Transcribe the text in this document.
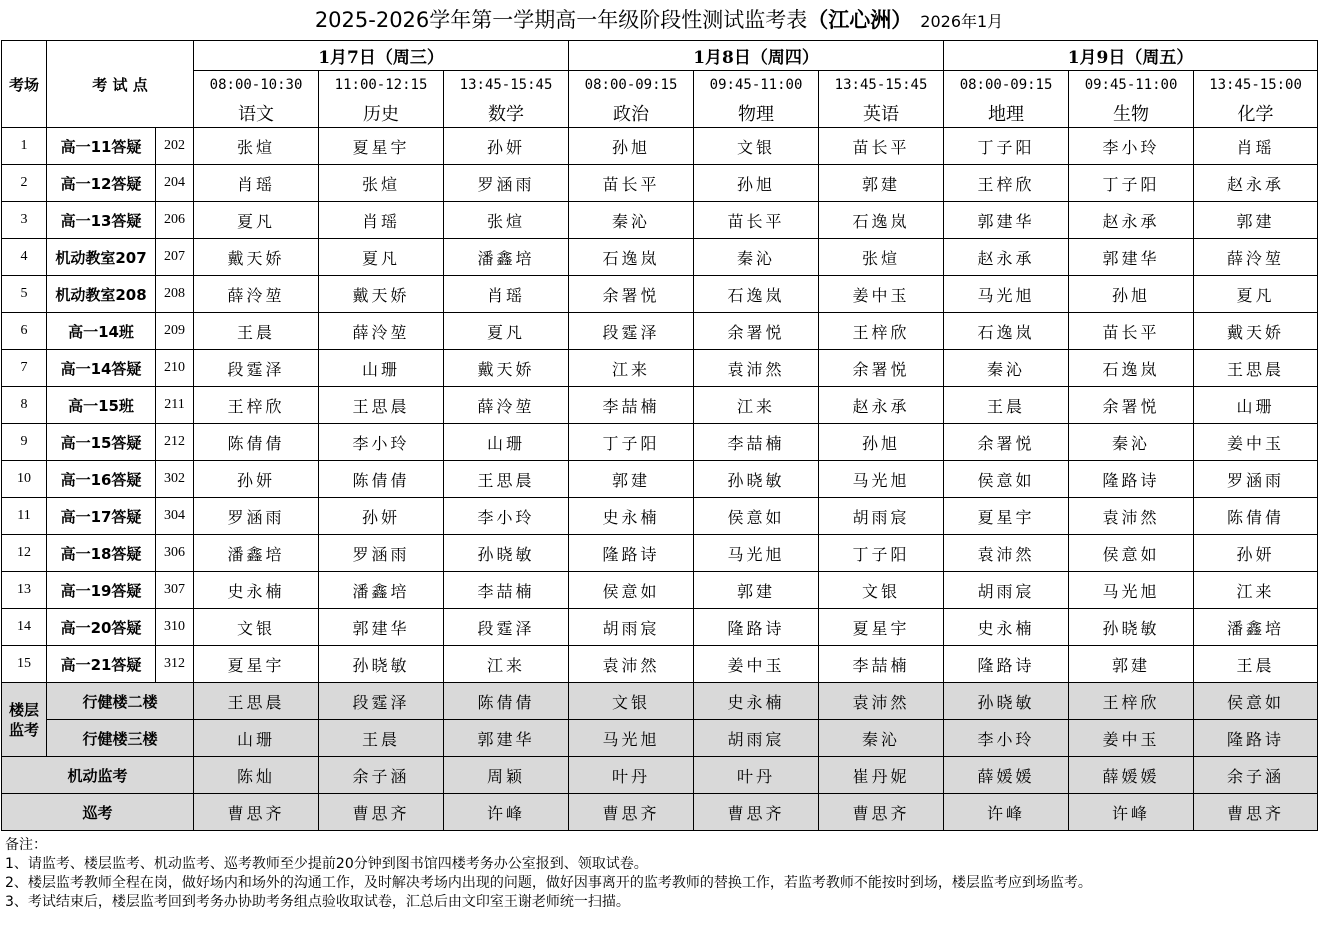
2025-2026学年第一学期高一年级阶段性测试监考表（江心洲） 2026年1月
考场	考 试 点		1月7日（周三）			1月8日（周四）			1月9日（周五）		
			08:00-10:30	11:00-12:15	13:45-15:45	08:00-09:15	09:45-11:00	13:45-15:45	08:00-09:15	09:45-11:00	13:45-15:00
			语文	历史	数学	政治	物理	英语	地理	生物	化学
1	高一11答疑	202	张煊	夏星宇	孙妍	孙旭	文银	苗长平	丁子阳	李小玲	肖瑶
2	高一12答疑	204	肖瑶	张煊	罗涵雨	苗长平	孙旭	郭建	王梓欣	丁子阳	赵永承
3	高一13答疑	206	夏凡	肖瑶	张煊	秦沁	苗长平	石逸岚	郭建华	赵永承	郭建
4	机动教室207	207	戴天娇	夏凡	潘鑫培	石逸岚	秦沁	张煊	赵永承	郭建华	薛泠堃
5	机动教室208	208	薛泠堃	戴天娇	肖瑶	余署悦	石逸岚	姜中玉	马光旭	孙旭	夏凡
6	高一14班	209	王晨	薛泠堃	夏凡	段霆泽	余署悦	王梓欣	石逸岚	苗长平	戴天娇
7	高一14答疑	210	段霆泽	山珊	戴天娇	江来	袁沛然	余署悦	秦沁	石逸岚	王思晨
8	高一15班	211	王梓欣	王思晨	薛泠堃	李喆楠	江来	赵永承	王晨	余署悦	山珊
9	高一15答疑	212	陈倩倩	李小玲	山珊	丁子阳	李喆楠	孙旭	余署悦	秦沁	姜中玉
10	高一16答疑	302	孙妍	陈倩倩	王思晨	郭建	孙晓敏	马光旭	侯意如	隆路诗	罗涵雨
11	高一17答疑	304	罗涵雨	孙妍	李小玲	史永楠	侯意如	胡雨宸	夏星宇	袁沛然	陈倩倩
12	高一18答疑	306	潘鑫培	罗涵雨	孙晓敏	隆路诗	马光旭	丁子阳	袁沛然	侯意如	孙妍
13	高一19答疑	307	史永楠	潘鑫培	李喆楠	侯意如	郭建	文银	胡雨宸	马光旭	江来
14	高一20答疑	310	文银	郭建华	段霆泽	胡雨宸	隆路诗	夏星宇	史永楠	孙晓敏	潘鑫培
15	高一21答疑	312	夏星宇	孙晓敏	江来	袁沛然	姜中玉	李喆楠	隆路诗	郭建	王晨
楼层监考	行健楼二楼		王思晨	段霆泽	陈倩倩	文银	史永楠	袁沛然	孙晓敏	王梓欣	侯意如
	行健楼三楼		山珊	王晨	郭建华	马光旭	胡雨宸	秦沁	李小玲	姜中玉	隆路诗
机动监考			陈灿	余子涵	周颖	叶丹	叶丹	崔丹妮	薛媛媛	薛媛媛	余子涵
巡考			曹思齐	曹思齐	许峰	曹思齐	曹思齐	曹思齐	许峰	许峰	曹思齐
备注：
1、请监考、楼层监考、机动监考、巡考教师至少提前20分钟到图书馆四楼考务办公室报到、领取试卷。
2、楼层监考教师全程在岗，做好场内和场外的沟通工作，及时解决考场内出现的问题，做好因事离开的监考教师的替换工作，若监考教师不能按时到场，楼层监考应到场监考。
3、考试结束后，楼层监考回到考务办协助考务组点验收取试卷，汇总后由文印室王谢老师统一扫描。
